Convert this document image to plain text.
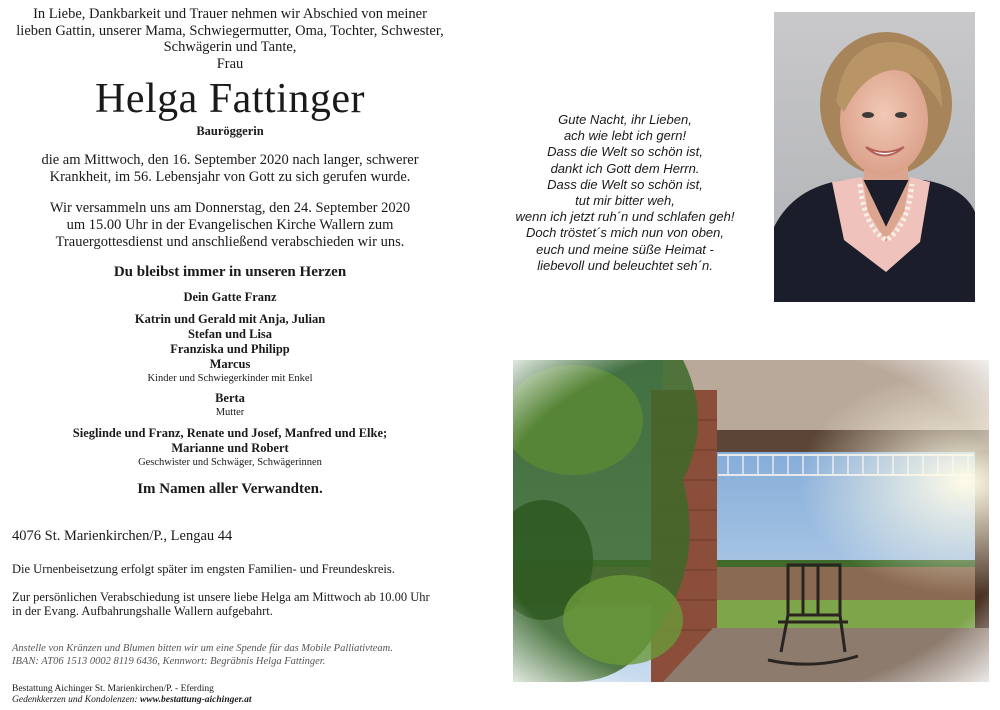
In Liebe, Dankbarkeit und Trauer nehmen wir Abschied von meiner
lieben Gattin, unserer Mama, Schwiegermutter, Oma, Tochter, Schwester,
Schwägerin und Tante,
Frau
Helga Fattinger
Bauröggerin
die am Mittwoch, den 16. September 2020 nach langer, schwerer
Krankheit, im 56. Lebensjahr von Gott zu sich gerufen wurde.
Wir versammeln uns am Donnerstag, den 24. September 2020
um 15.00 Uhr in der Evangelischen Kirche Wallern zum
Trauergottesdienst und anschließend verabschieden wir uns.
Du bleibst immer in unseren Herzen
Dein Gatte Franz
Katrin und Gerald mit Anja, Julian
Stefan und Lisa
Franziska und Philipp
Marcus
Kinder und Schwiegerkinder mit Enkel
Berta
Mutter
Sieglinde und Franz, Renate und Josef, Manfred und Elke;
Marianne und Robert
Geschwister und Schwäger, Schwägerinnen
Im Namen aller Verwandten.
4076 St. Marienkirchen/P., Lengau 44
Die Urnenbeisetzung erfolgt später im engsten Familien- und Freundeskreis.
Zur persönlichen Verabschiedung ist unsere liebe Helga am Mittwoch ab 10.00 Uhr
in der Evang. Aufbahrungshalle Wallern aufgebahrt.
Anstelle von Kränzen und Blumen bitten wir um eine Spende für das Mobile Palliativteam.
IBAN: AT06 1513 0002 8119 6436, Kennwort: Begräbnis Helga Fattinger.
Bestattung Aichinger St. Marienkirchen/P. - Eferding
Gedenkkerzen und Kondolenzen: www.bestattung-aichinger.at
Gute Nacht, ihr Lieben,
ach wie lebt ich gern!
Dass die Welt so schön ist,
dankt ich Gott dem Herrn.
Dass die Welt so schön ist,
tut mir bitter weh,
wenn ich jetzt ruh´n und schlafen geh!
Doch tröstet´s mich nun von oben,
euch und meine süße Heimat -
liebevoll und beleuchtet seh´n.
